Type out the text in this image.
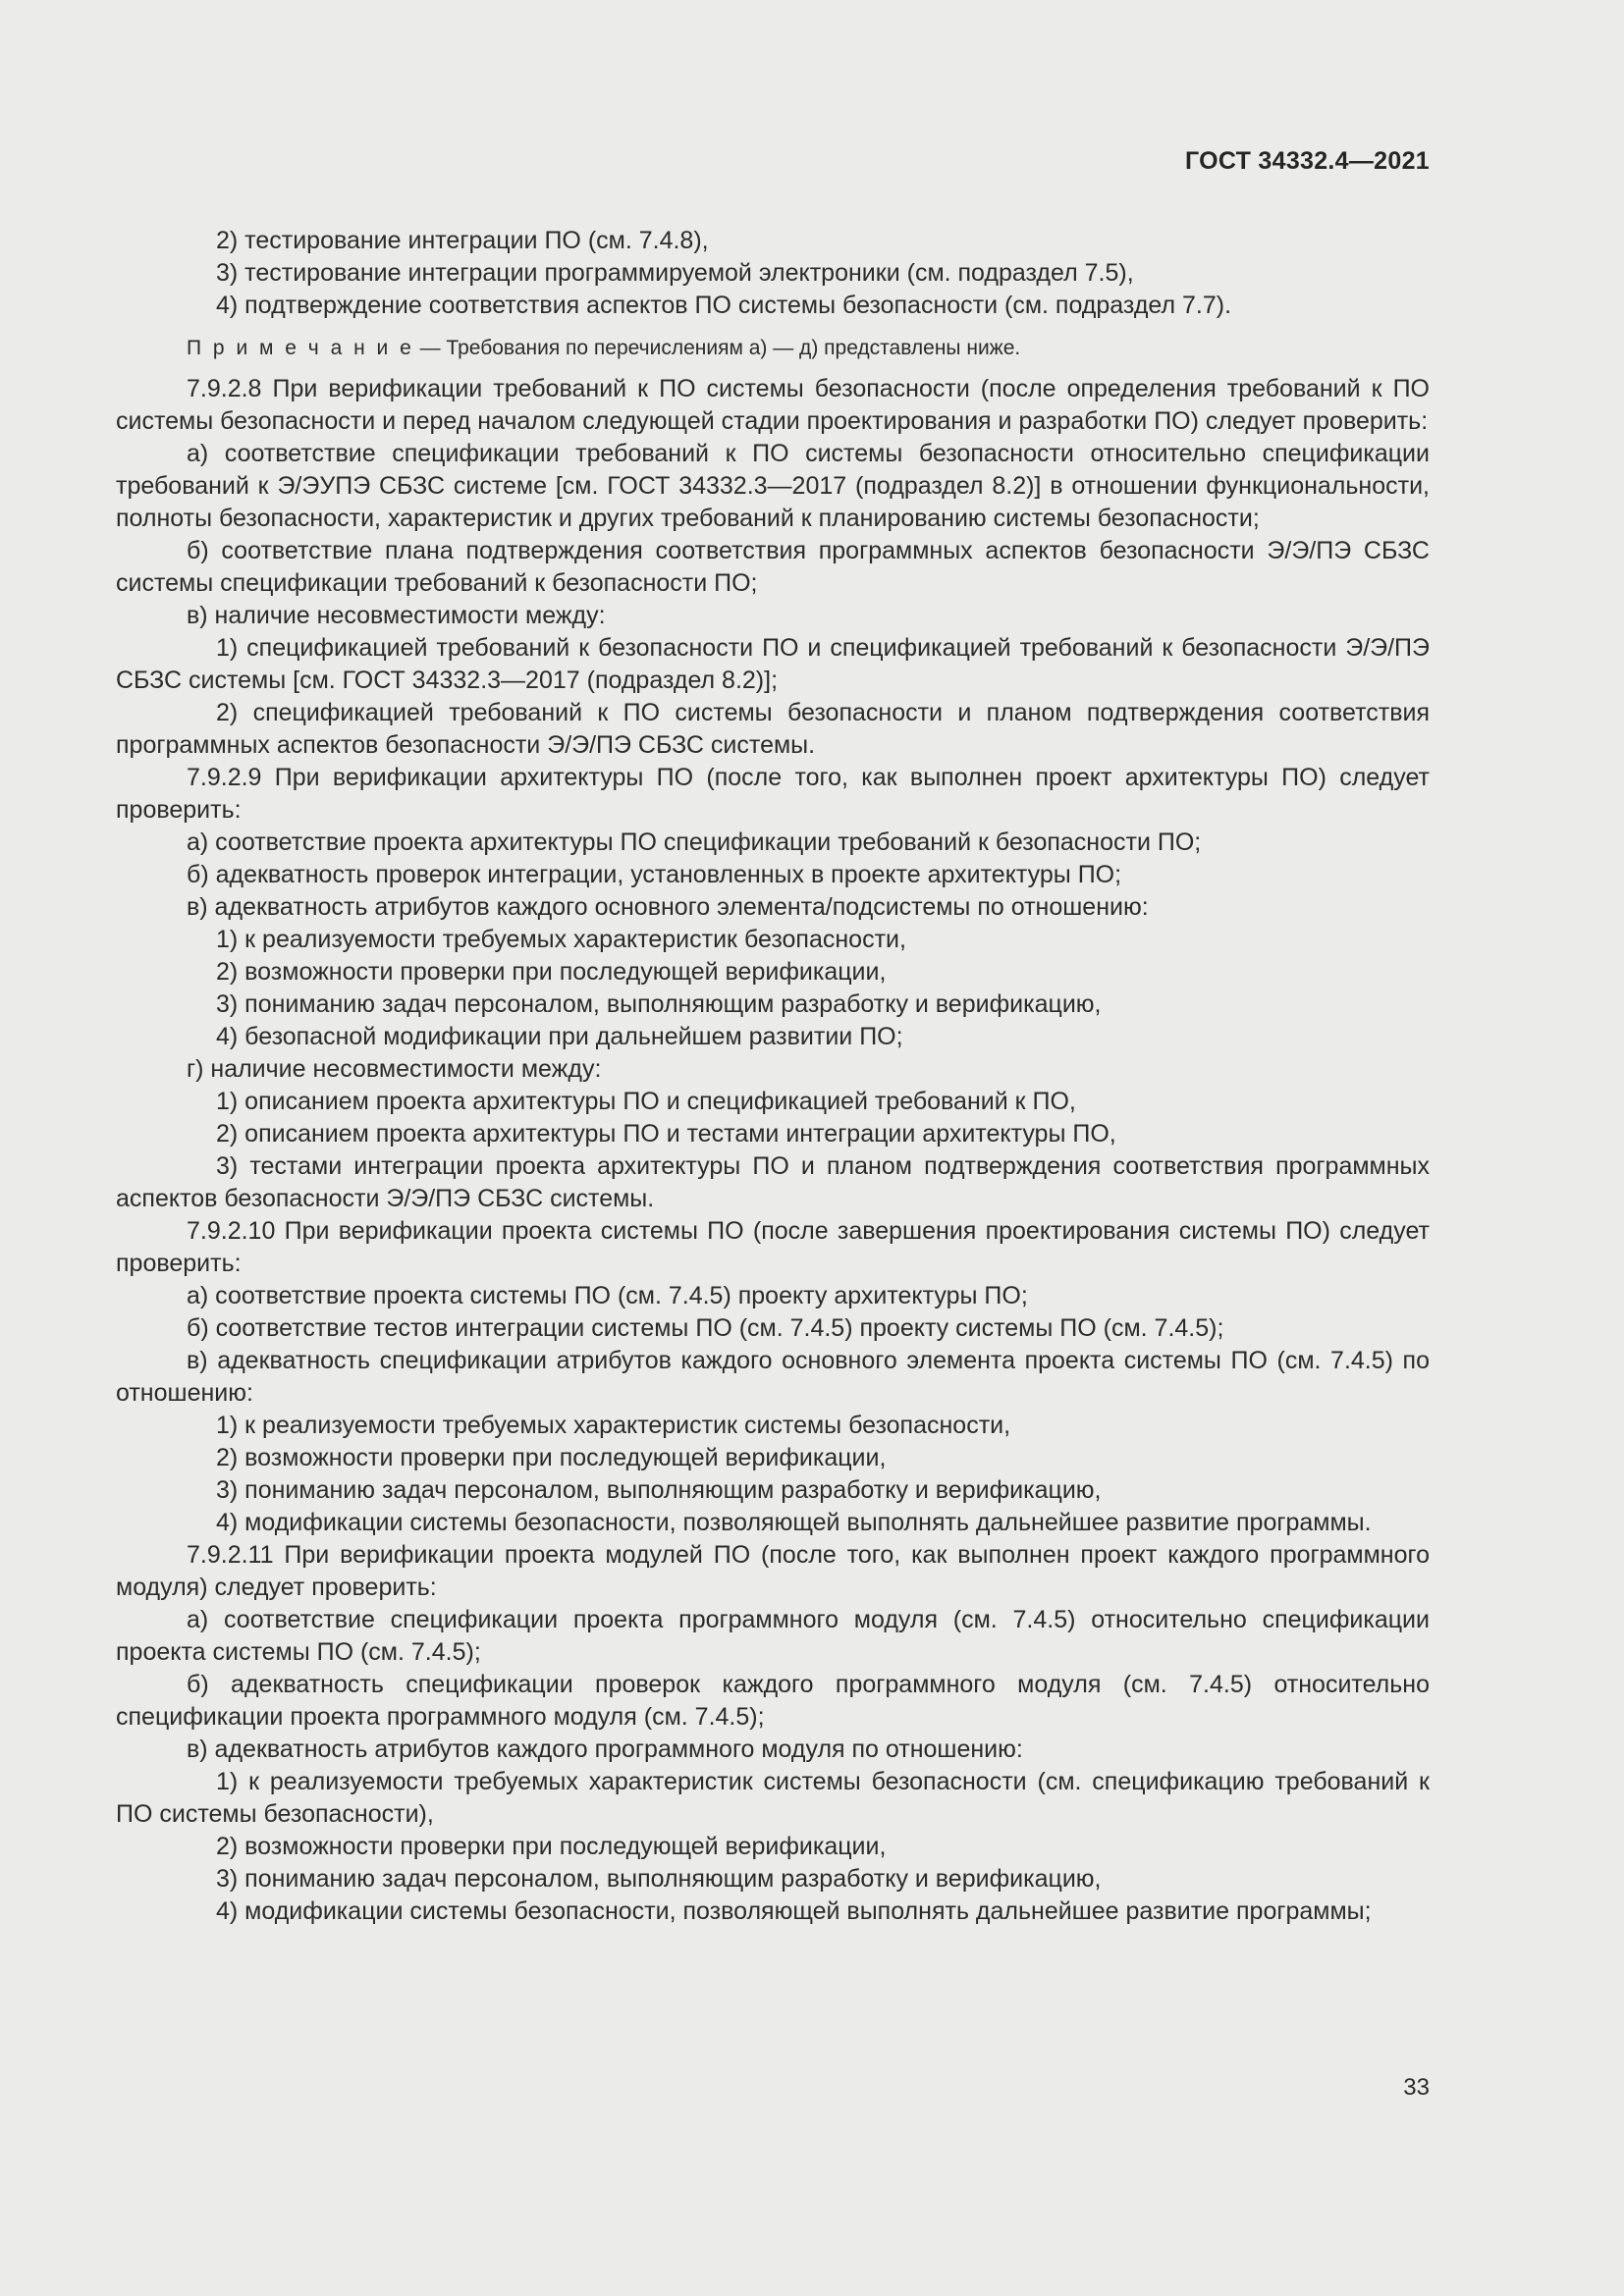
ГОСТ 34332.4—2021

2) тестирование интеграции ПО (см. 7.4.8),

3) тестирование интеграции программируемой электроники (см. подраздел 7.5),

4) подтверждение соответствия аспектов ПО системы безопасности (см. подраздел 7.7).

П р и м е ч а н и е — Требования по перечислениям а) — д) представлены ниже.

7.9.2.8 При верификации требований к ПО системы безопасности (после определения требований к ПО системы безопасности и перед началом следующей стадии проектирования и разработки ПО) следует проверить:

а) соответствие спецификации требований к ПО системы безопасности относительно спецификации требований к Э/ЭУПЭ СБЗС системе [см. ГОСТ 34332.3—2017 (подраздел 8.2)] в отношении функциональности, полноты безопасности, характеристик и других требований к планированию системы безопасности;

б) соответствие плана подтверждения соответствия программных аспектов безопасности Э/Э/ПЭ СБЗС системы спецификации требований к безопасности ПО;

в) наличие несовместимости между:

1) спецификацией требований к безопасности ПО и спецификацией требований к безопасности Э/Э/ПЭ СБЗС системы [см. ГОСТ 34332.3—2017 (подраздел 8.2)];

2) спецификацией требований к ПО системы безопасности и планом подтверждения соответствия программных аспектов безопасности Э/Э/ПЭ СБЗС системы.

7.9.2.9 При верификации архитектуры ПО (после того, как выполнен проект архитектуры ПО) следует проверить:

а) соответствие проекта архитектуры ПО спецификации требований к безопасности ПО;

б) адекватность проверок интеграции, установленных в проекте архитектуры ПО;

в) адекватность атрибутов каждого основного элемента/подсистемы по отношению:

1) к реализуемости требуемых характеристик безопасности,

2) возможности проверки при последующей верификации,

3) пониманию задач персоналом, выполняющим разработку и верификацию,

4) безопасной модификации при дальнейшем развитии ПО;

г) наличие несовместимости между:

1) описанием проекта архитектуры ПО и спецификацией требований к ПО,

2) описанием проекта архитектуры ПО и тестами интеграции архитектуры ПО,

3) тестами интеграции проекта архитектуры ПО и планом подтверждения соответствия программных аспектов безопасности Э/Э/ПЭ СБЗС системы.

7.9.2.10 При верификации проекта системы ПО (после завершения проектирования системы ПО) следует проверить:

а) соответствие проекта системы ПО (см. 7.4.5) проекту архитектуры ПО;

б) соответствие тестов интеграции системы ПО (см. 7.4.5) проекту системы ПО (см. 7.4.5);

в) адекватность спецификации атрибутов каждого основного элемента проекта системы ПО (см. 7.4.5) по отношению:

1) к реализуемости требуемых характеристик системы безопасности,

2) возможности проверки при последующей верификации,

3) пониманию задач персоналом, выполняющим разработку и верификацию,

4) модификации системы безопасности, позволяющей выполнять дальнейшее развитие программы.

7.9.2.11 При верификации проекта модулей ПО (после того, как выполнен проект каждого программного модуля) следует проверить:

а) соответствие спецификации проекта программного модуля (см. 7.4.5) относительно спецификации проекта системы ПО (см. 7.4.5);

б) адекватность спецификации проверок каждого программного модуля (см. 7.4.5) относительно спецификации проекта программного модуля (см. 7.4.5);

в) адекватность атрибутов каждого программного модуля по отношению:

1) к реализуемости требуемых характеристик системы безопасности (см. спецификацию требований к ПО системы безопасности),

2) возможности проверки при последующей верификации,

3) пониманию задач персоналом, выполняющим разработку и верификацию,

4) модификации системы безопасности, позволяющей выполнять дальнейшее развитие программы;

33
